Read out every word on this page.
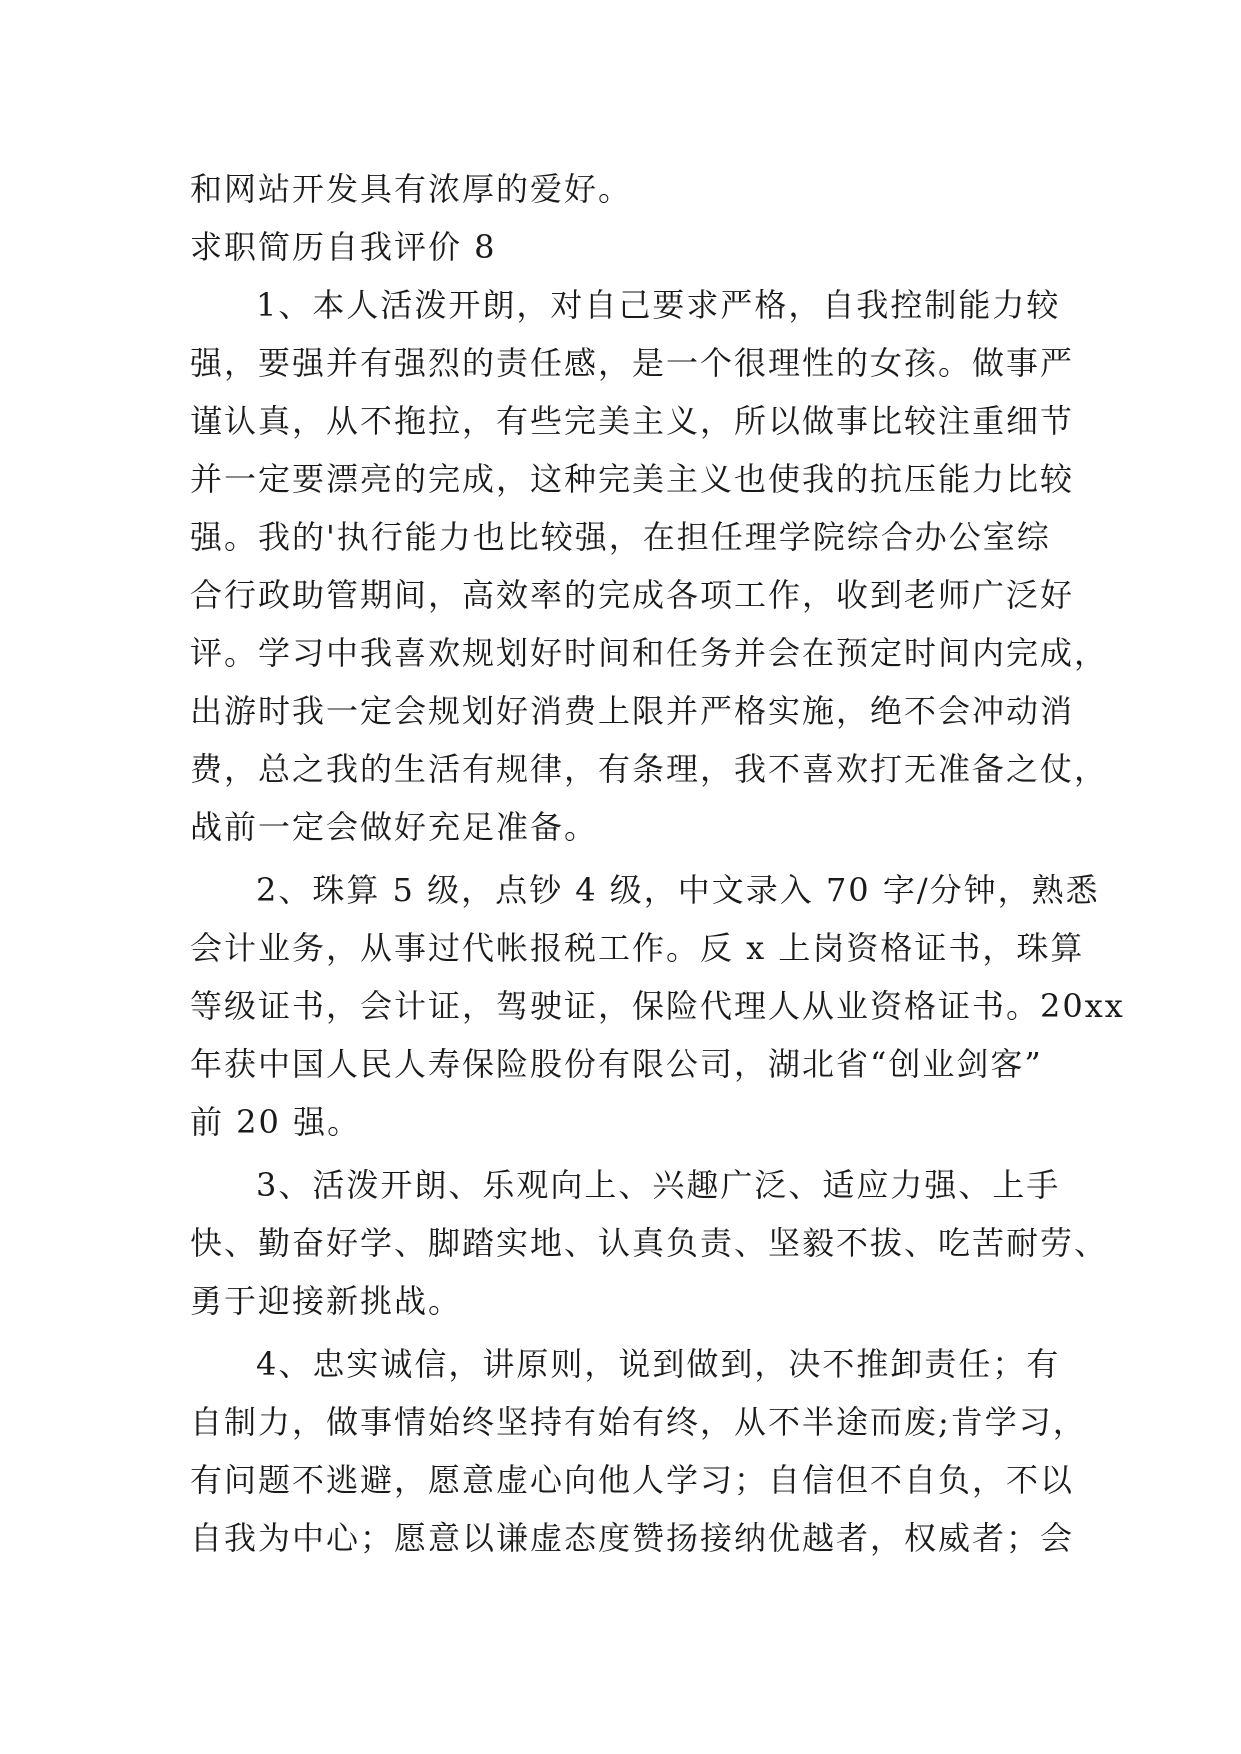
和网站开发具有浓厚的爱好。
求职简历自我评价 8
1、本人活泼开朗，对自己要求严格，自我控制能力较
强，要强并有强烈的责任感，是一个很理性的女孩。做事严
谨认真，从不拖拉，有些完美主义，所以做事比较注重细节
并一定要漂亮的完成，这种完美主义也使我的抗压能力比较
强。我的'执行能力也比较强，在担任理学院综合办公室综
合行政助管期间，高效率的完成各项工作，收到老师广泛好
评。学习中我喜欢规划好时间和任务并会在预定时间内完成，
出游时我一定会规划好消费上限并严格实施，绝不会冲动消
费，总之我的生活有规律，有条理，我不喜欢打无准备之仗，
战前一定会做好充足准备。
2、珠算 5 级，点钞 4 级，中文录入 70 字/分钟，熟悉
会计业务，从事过代帐报税工作。反 x 上岗资格证书，珠算
等级证书，会计证，驾驶证，保险代理人从业资格证书。20xx
年获中国人民人寿保险股份有限公司，湖北省“创业剑客”
前 20 强。
3、活泼开朗、乐观向上、兴趣广泛、适应力强、上手
快、勤奋好学、脚踏实地、认真负责、坚毅不拔、吃苦耐劳、
勇于迎接新挑战。
4、忠实诚信，讲原则，说到做到，决不推卸责任；有
自制力，做事情始终坚持有始有终，从不半途而废;肯学习，
有问题不逃避，愿意虚心向他人学习；自信但不自负，不以
自我为中心；愿意以谦虚态度赞扬接纳优越者，权威者；会
